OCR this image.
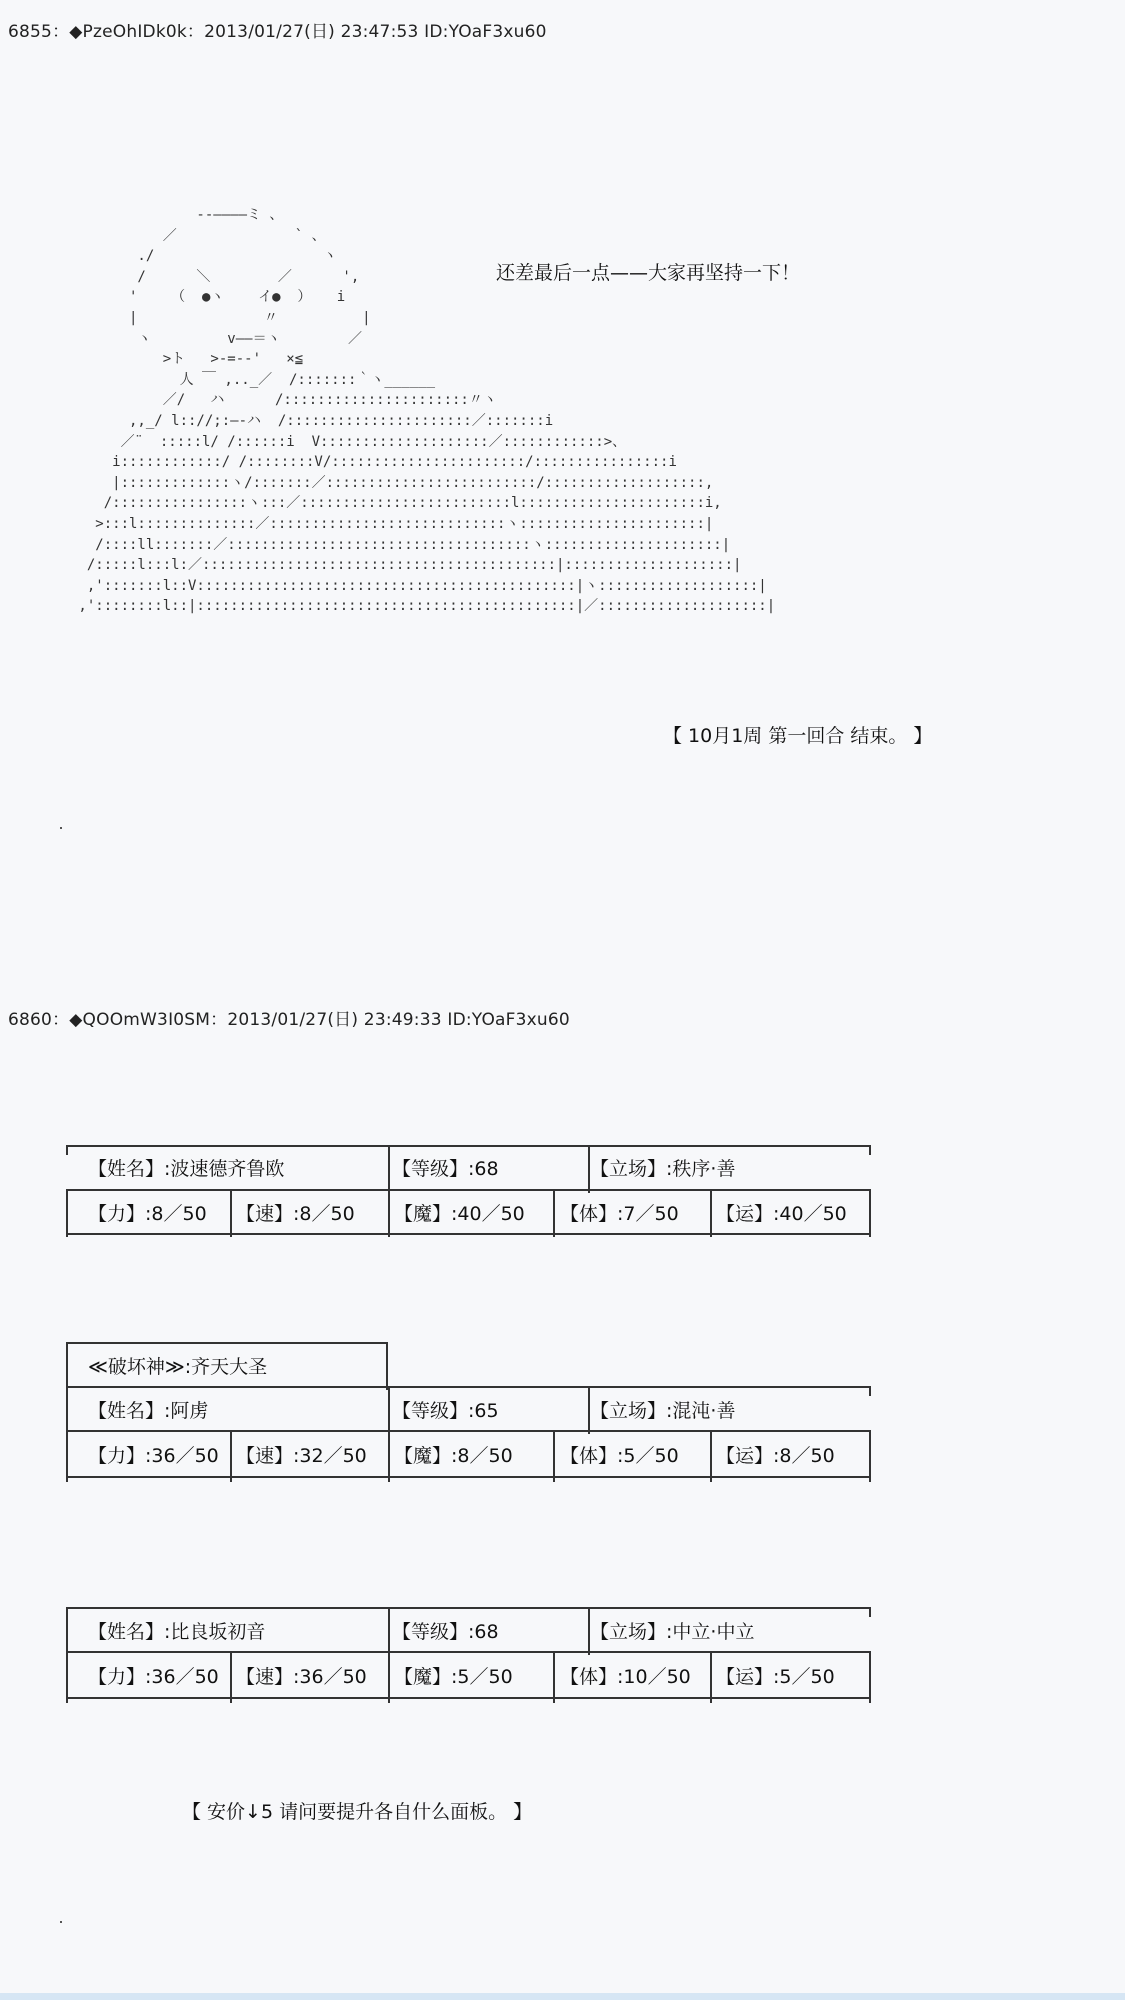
6855：◆PzeOhIDk0k：2013/01/27(日) 23:47:53 ID:YOaF3xu60
-‐――――ミ 、
／              ` 、
./                    ヽ
/      ＼        ／      ',
'    （  ●ヽ    イ●  ）   i
|               〃          |
ヽ         v――＝ヽ        ／
>ト   >-=-‐'   ×≦
人 ￣ ,.._／  /:::::::｀ヽ______
／/   ハ      /::::::::::::::::::::::〃ヽ
,,_/ l:://;:―‐ハ  /::::::::::::::::::::::／:::::::i
／¨  :::::l/ /::::::i  V::::::::::::::::::::／::::::::::::>、
i::::::::::::/ /::::::::V/:::::::::::::::::::::::/::::::::::::::::i
|:::::::::::::ヽ/:::::::／:::::::::::::::::::::::::/:::::::::::::::::::,
/::::::::::::::::ヽ:::／:::::::::::::::::::::::::l::::::::::::::::::::::i,
>:::l::::::::::::::／::::::::::::::::::::::::::::ヽ::::::::::::::::::::::|
/::::ll:::::::／::::::::::::::::::::::::::::::::::::ヽ:::::::::::::::::::::|
/:::::l:::l:／::::::::::::::::::::::::::::::::::::::::::|::::::::::::::::::::|
,':::::::l::V:::::::::::::::::::::::::::::::::::::::::::::|ヽ:::::::::::::::::::|
,'::::::::l::|:::::::::::::::::::::::::::::::::::::::::::::|／::::::::::::::::::::|
还差最后一点——大家再坚持一下！
【 10月1周 第一回合 结束。 】
6860：◆QOOmW3I0SM：2013/01/27(日) 23:49:33 ID:YOaF3xu60
【姓名】:波速德齐鲁欧	【等级】:68	【立场】:秩序·善
【力】:8／50 【速】:8／50 【魔】:40／50 【体】:7／50 【运】:40／50
≪破坏神≫:齐天大圣
【姓名】:阿虏	【等级】:65	【立场】:混沌·善
【力】:36／50 【速】:32／50 【魔】:8／50 【体】:5／50 【运】:8／50
【姓名】:比良坂初音	【等级】:68	【立场】:中立·中立
【力】:36／50 【速】:36／50 【魔】:5／50 【体】:10／50 【运】:5／50
【 安价↓5 请问要提升各自什么面板。 】
